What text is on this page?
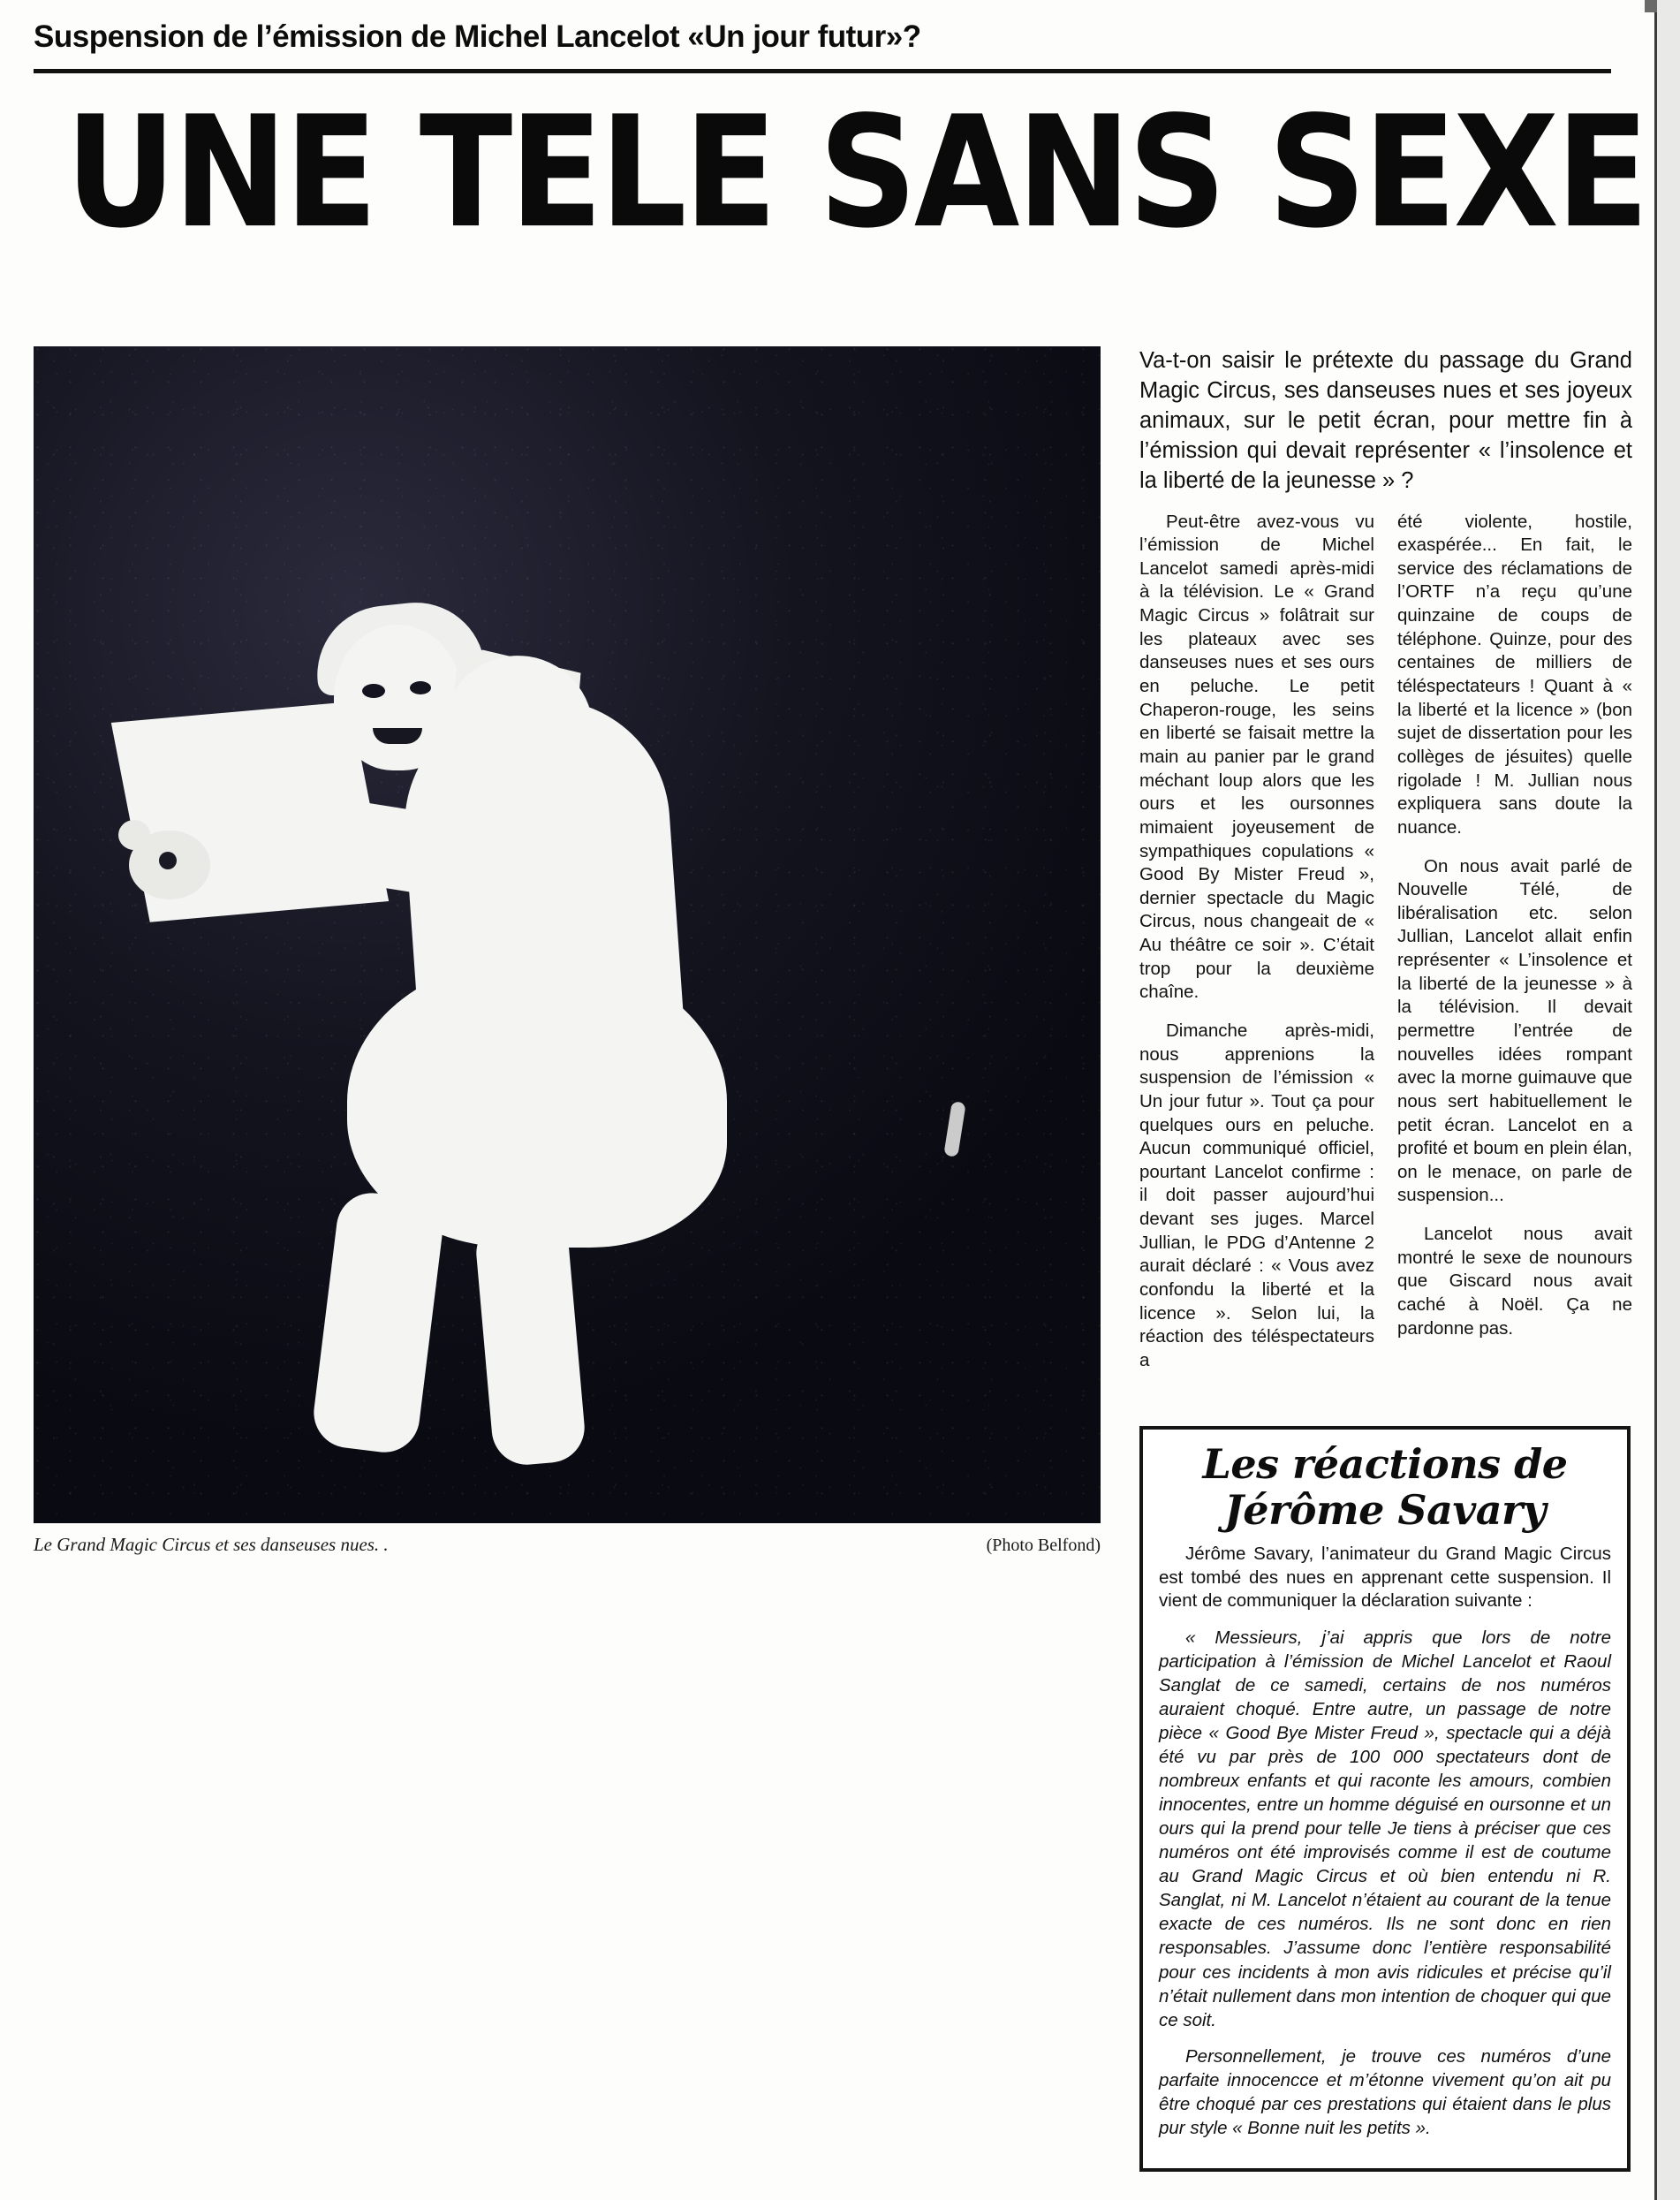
Suspension de l’émission de Michel Lancelot «Un jour futur»?
UNE TELE SANS SEXE
Le Grand Magic Circus et ses danseuses nues. .	(Photo Belfond)
Va-t-on saisir le prétexte du passage du Grand Magic Circus, ses danseuses nues et ses joyeux animaux, sur le petit écran, pour mettre fin à l’émission qui devait représenter « l’insolence et la liberté de la jeunesse » ?

Peut-être avez-vous vu l’émission de Michel Lancelot samedi après-midi à la télévision. Le « Grand Magic Circus » folâtrait sur les plateaux avec ses danseuses nues et ses ours en peluche. Le petit Chaperon-rouge, les seins en liberté se faisait mettre la main au panier par le grand méchant loup alors que les ours et les oursonnes mimaient joyeusement de sympathiques copulations « Good By Mister Freud », dernier spectacle du Magic Circus, nous changeait de « Au théâtre ce soir ». C’était trop pour la deuxième chaîne.

Dimanche après-midi, nous apprenions la suspension de l’émission « Un jour futur ». Tout ça pour quelques ours en peluche. Aucun communiqué officiel, pourtant Lancelot confirme : il doit passer aujourd’hui devant ses juges. Marcel Jullian, le PDG d’Antenne 2 aurait déclaré : « Vous avez confondu la liberté et la licence ». Selon lui, la réaction des téléspectateurs a

été violente, hostile, exaspérée... En fait, le service des réclamations de l’ORTF n’a reçu qu’une quinzaine de coups de téléphone. Quinze, pour des centaines de milliers de téléspectateurs ! Quant à « la liberté et la licence » (bon sujet de dissertation pour les collèges de jésuites) quelle rigolade ! M. Jullian nous expliquera sans doute la nuance.

On nous avait parlé de Nouvelle Télé, de libéralisation etc. selon Jullian, Lancelot allait enfin représenter « L’insolence et la liberté de la jeunesse » à la télévision. Il devait permettre l’entrée de nouvelles idées rompant avec la morne guimauve que nous sert habituellement le petit écran. Lancelot en a profité et boum en plein élan, on le menace, on parle de suspension...

Lancelot nous avait montré le sexe de nounours que Giscard nous avait caché à Noël. Ça ne pardonne pas.

Les réactions de
Jérôme Savary
Jérôme Savary, l’animateur du Grand Magic Circus est tombé des nues en apprenant cette suspension. Il vient de communiquer la déclaration suivante :
« Messieurs, j’ai appris que lors de notre participation à l’émission de Michel Lancelot et Raoul Sanglat de ce samedi, certains de nos numéros auraient choqué. Entre autre, un passage de notre pièce « Good Bye Mister Freud », spectacle qui a déjà été vu par près de 100 000 spectateurs dont de nombreux enfants et qui raconte les amours, combien innocentes, entre un homme déguisé en oursonne et un ours qui la prend pour telle Je tiens à préciser que ces numéros ont été improvisés comme il est de coutume au Grand Magic Circus et où bien entendu ni R. Sanglat, ni M. Lancelot n’étaient au courant de la tenue exacte de ces numéros. Ils ne sont donc en rien responsables. J’assume donc l’entière responsabilité pour ces incidents à mon avis ridicules et précise qu’il n’était nullement dans mon intention de choquer qui que ce soit.
Personnellement, je trouve ces numéros d’une parfaite innocencce et m’étonne vivement qu’on ait pu être choqué par ces prestations qui étaient dans le plus pur style « Bonne nuit les petits ».
